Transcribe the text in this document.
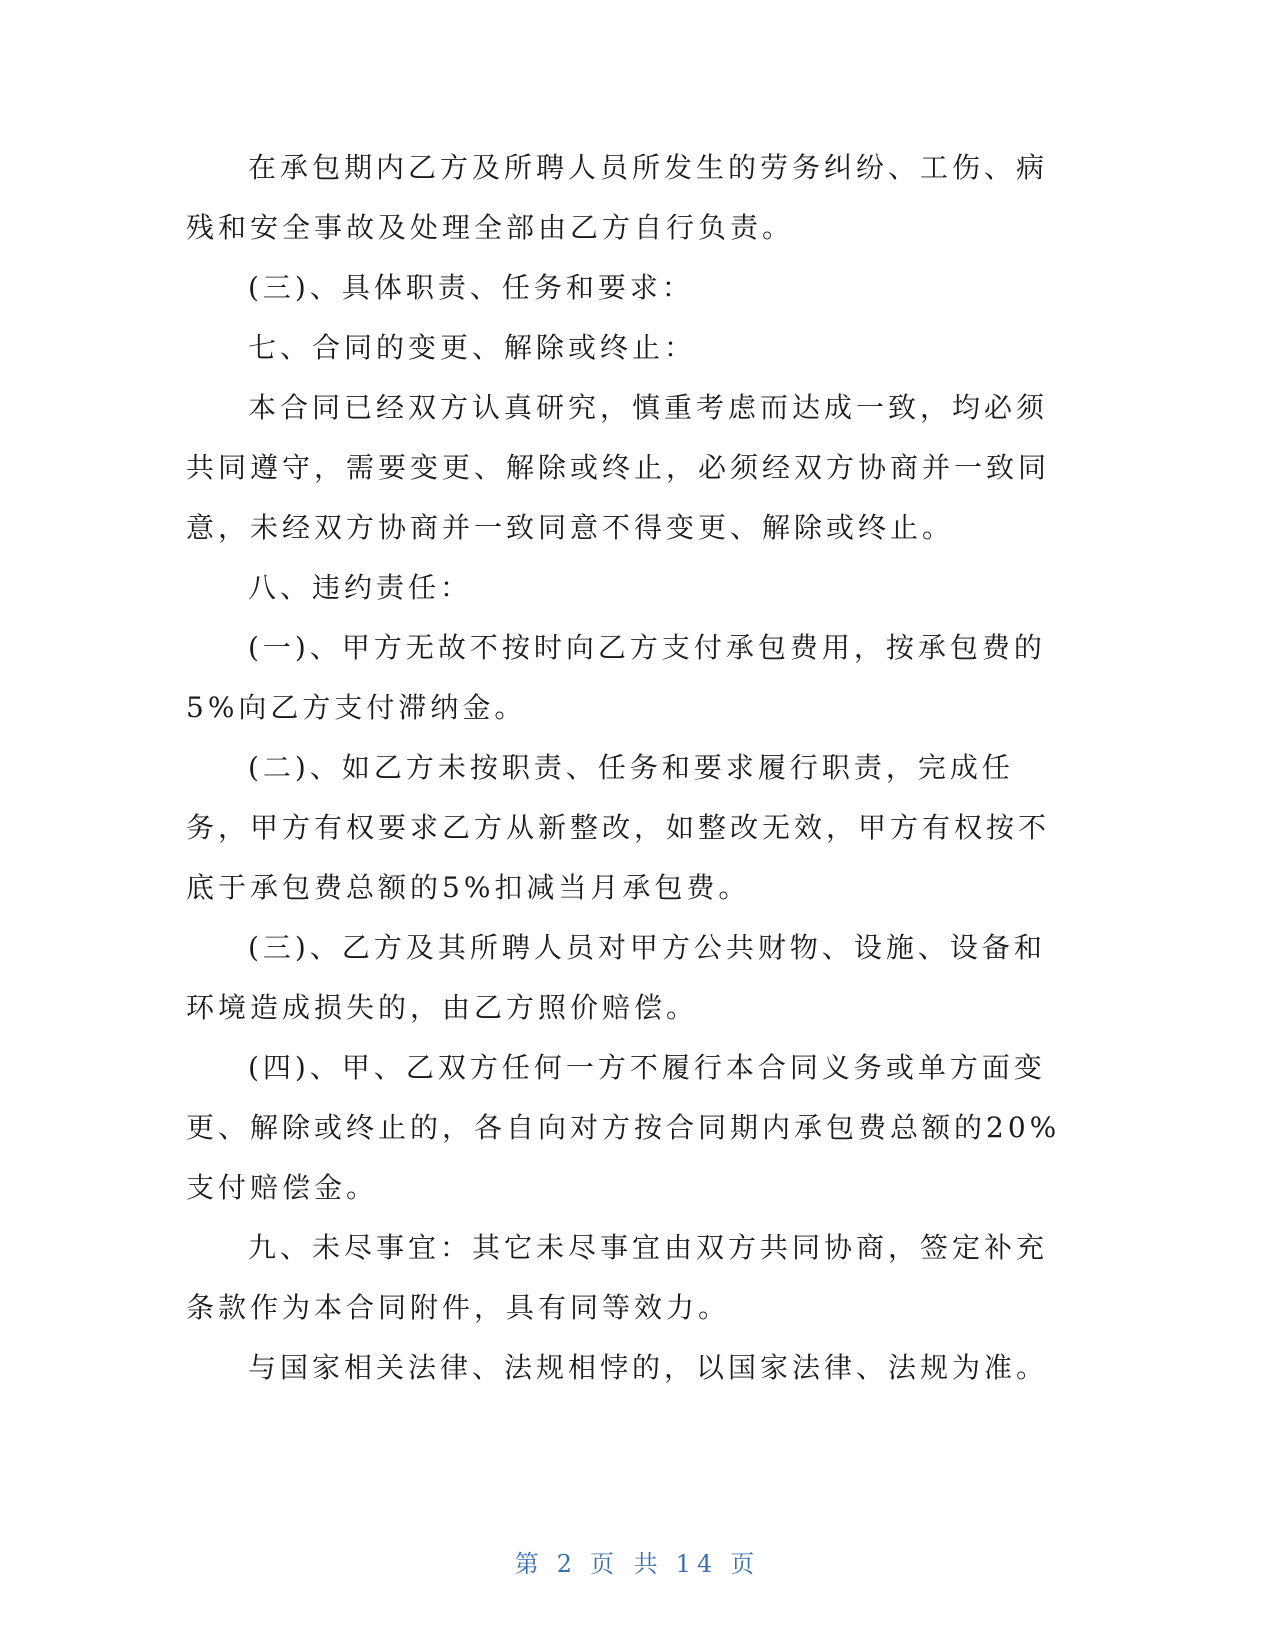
在承包期内乙方及所聘人员所发生的劳务纠纷、工伤、病残和安全事故及处理全部由乙方自行负责。

(三)、具体职责、任务和要求：

七、合同的变更、解除或终止：

本合同已经双方认真研究，慎重考虑而达成一致，均必须共同遵守，需要变更、解除或终止，必须经双方协商并一致同意，未经双方协商并一致同意不得变更、解除或终止。

八、违约责任：

(一)、甲方无故不按时向乙方支付承包费用，按承包费的5%向乙方支付滞纳金。

(二)、如乙方未按职责、任务和要求履行职责，完成任务，甲方有权要求乙方从新整改，如整改无效，甲方有权按不底于承包费总额的5%扣减当月承包费。

(三)、乙方及其所聘人员对甲方公共财物、设施、设备和环境造成损失的，由乙方照价赔偿。

(四)、甲、乙双方任何一方不履行本合同义务或单方面变更、解除或终止的，各自向对方按合同期内承包费总额的20%支付赔偿金。

九、未尽事宜：其它未尽事宜由双方共同协商，签定补充条款作为本合同附件，具有同等效力。

与国家相关法律、法规相悖的，以国家法律、法规为准。

第 2 页 共 14 页
